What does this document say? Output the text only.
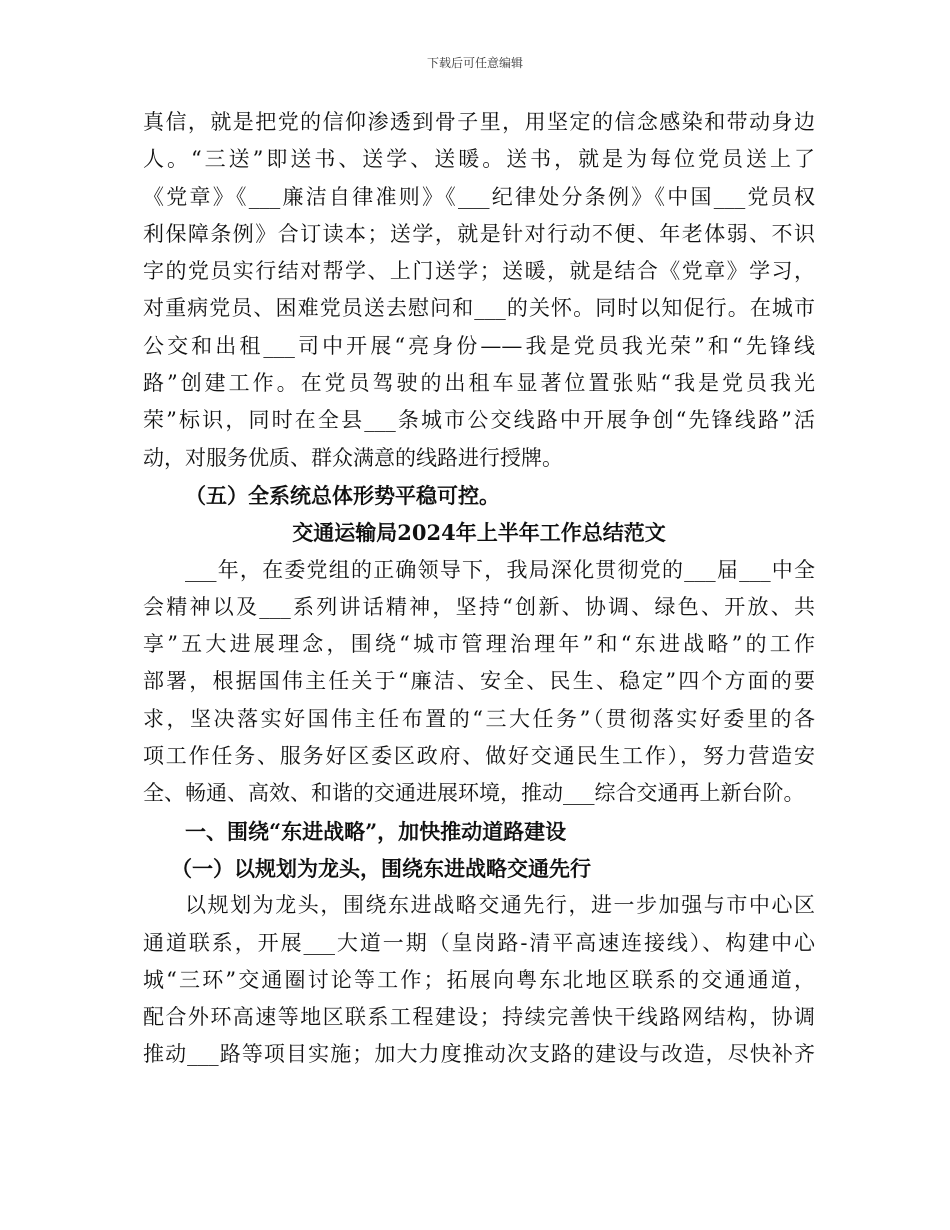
下载后可任意编辑
真信，就是把党的信仰渗透到骨子里，用坚定的信念感染和带动身边
人。“三送”即送书、送学、送暖。送书，就是为每位党员送上了
《党章》《___廉洁自律准则》《___纪律处分条例》《中国___党员权
利保障条例》合订读本；送学，就是针对行动不便、年老体弱、不识
字的党员实行结对帮学、上门送学；送暖，就是结合《党章》学习，
对重病党员、困难党员送去慰问和___的关怀。同时以知促行。在城市
公交和出租___司中开展“亮身份——我是党员我光荣”和“先锋线
路”创建工作。在党员驾驶的出租车显著位置张贴“我是党员我光
荣”标识，同时在全县___条城市公交线路中开展争创“先锋线路”活
动，对服务优质、群众满意的线路进行授牌。
（五）全系统总体形势平稳可控。
交通运输局2024年上半年工作总结范文
___年，在委党组的正确领导下，我局深化贯彻党的___届___中全
会精神以及___系列讲话精神，坚持“创新、协调、绿色、开放、共
享”五大进展理念，围绕“城市管理治理年”和“东进战略”的工作
部署，根据国伟主任关于“廉洁、安全、民生、稳定”四个方面的要
求，坚决落实好国伟主任布置的“三大任务”（贯彻落实好委里的各
项工作任务、服务好区委区政府、做好交通民生工作），努力营造安
全、畅通、高效、和谐的交通进展环境，推动___综合交通再上新台阶。
一、围绕“东进战略”，加快推动道路建设
（一）以规划为龙头，围绕东进战略交通先行
以规划为龙头，围绕东进战略交通先行，进一步加强与市中心区
通道联系，开展___大道一期（皇岗路-清平高速连接线）、构建中心
城“三环”交通圈讨论等工作；拓展向粤东北地区联系的交通通道，
配合外环高速等地区联系工程建设；持续完善快干线路网结构，协调
推动___路等项目实施；加大力度推动次支路的建设与改造，尽快补齐
